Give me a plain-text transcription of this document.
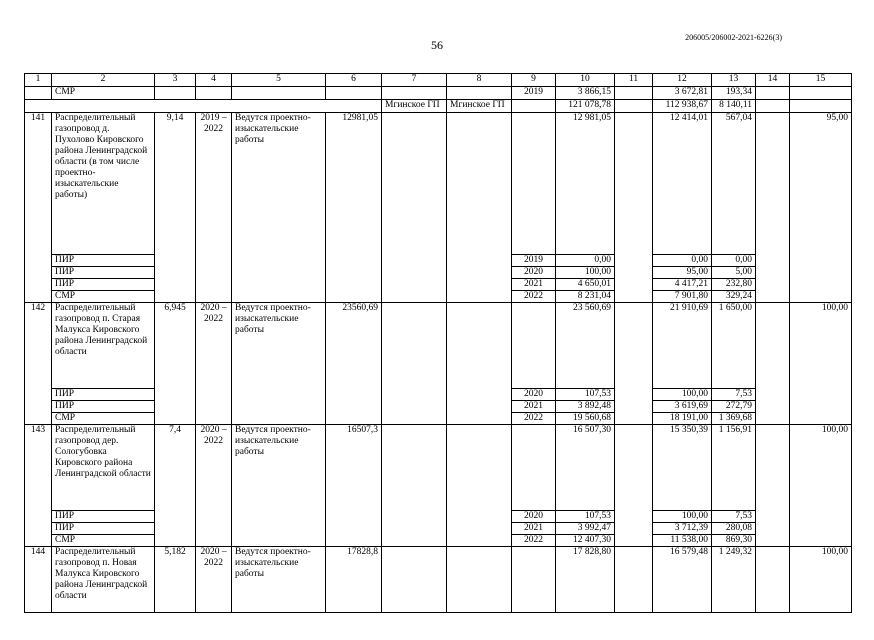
56
206005/206002-2021-6226(3)
1	2	3	4	5	6	7	8	9	10	11	12	13	14	15
	СМР							2019	3 866,15		3 672,81	193,34		
						Мгинское ГП	Мгинское ГП		121 078,78		112 938,67	8 140,11		
141	Распределительный газопровод д. Пухолово Кировского района Ленинградской области (в том числе проектно-изыскательские работы)	9,14	2019 – 2022	Ведутся проектно-изыскательские работы	12981,05				12 981,05		12 414,01	567,04		95,00
	ПИР							2019	0,00		0,00	0,00		
	ПИР							2020	100,00		95,00	5,00		
	ПИР							2021	4 650,01		4 417,21	232,80		
	СМР							2022	8 231,04		7 901,80	329,24		
142	Распределительный газопровод п. Старая Малукса Кировского района Ленинградской области	6,945	2020 – 2022	Ведутся проектно-изыскательские работы	23560,69				23 560,69		21 910,69	1 650,00		100,00
	ПИР							2020	107,53		100,00	7,53		
	ПИР							2021	3 892,48		3 619,69	272,79		
	СМР							2022	19 560,68		18 191,00	1 369,68		
143	Распределительный газопровод дер. Сологубовка Кировского района Ленинградской области	7,4	2020 – 2022	Ведутся проектно-изыскательские работы	16507,3				16 507,30		15 350,39	1 156,91		100,00
	ПИР							2020	107,53		100,00	7,53		
	ПИР							2021	3 992,47		3 712,39	280,08		
	СМР							2022	12 407,30		11 538,00	869,30		
144	Распределительный газопровод п. Новая Малукса Кировского района Ленинградской области	5,182	2020 – 2022	Ведутся проектно-изыскательские работы	17828,8				17 828,80		16 579,48	1 249,32		100,00
